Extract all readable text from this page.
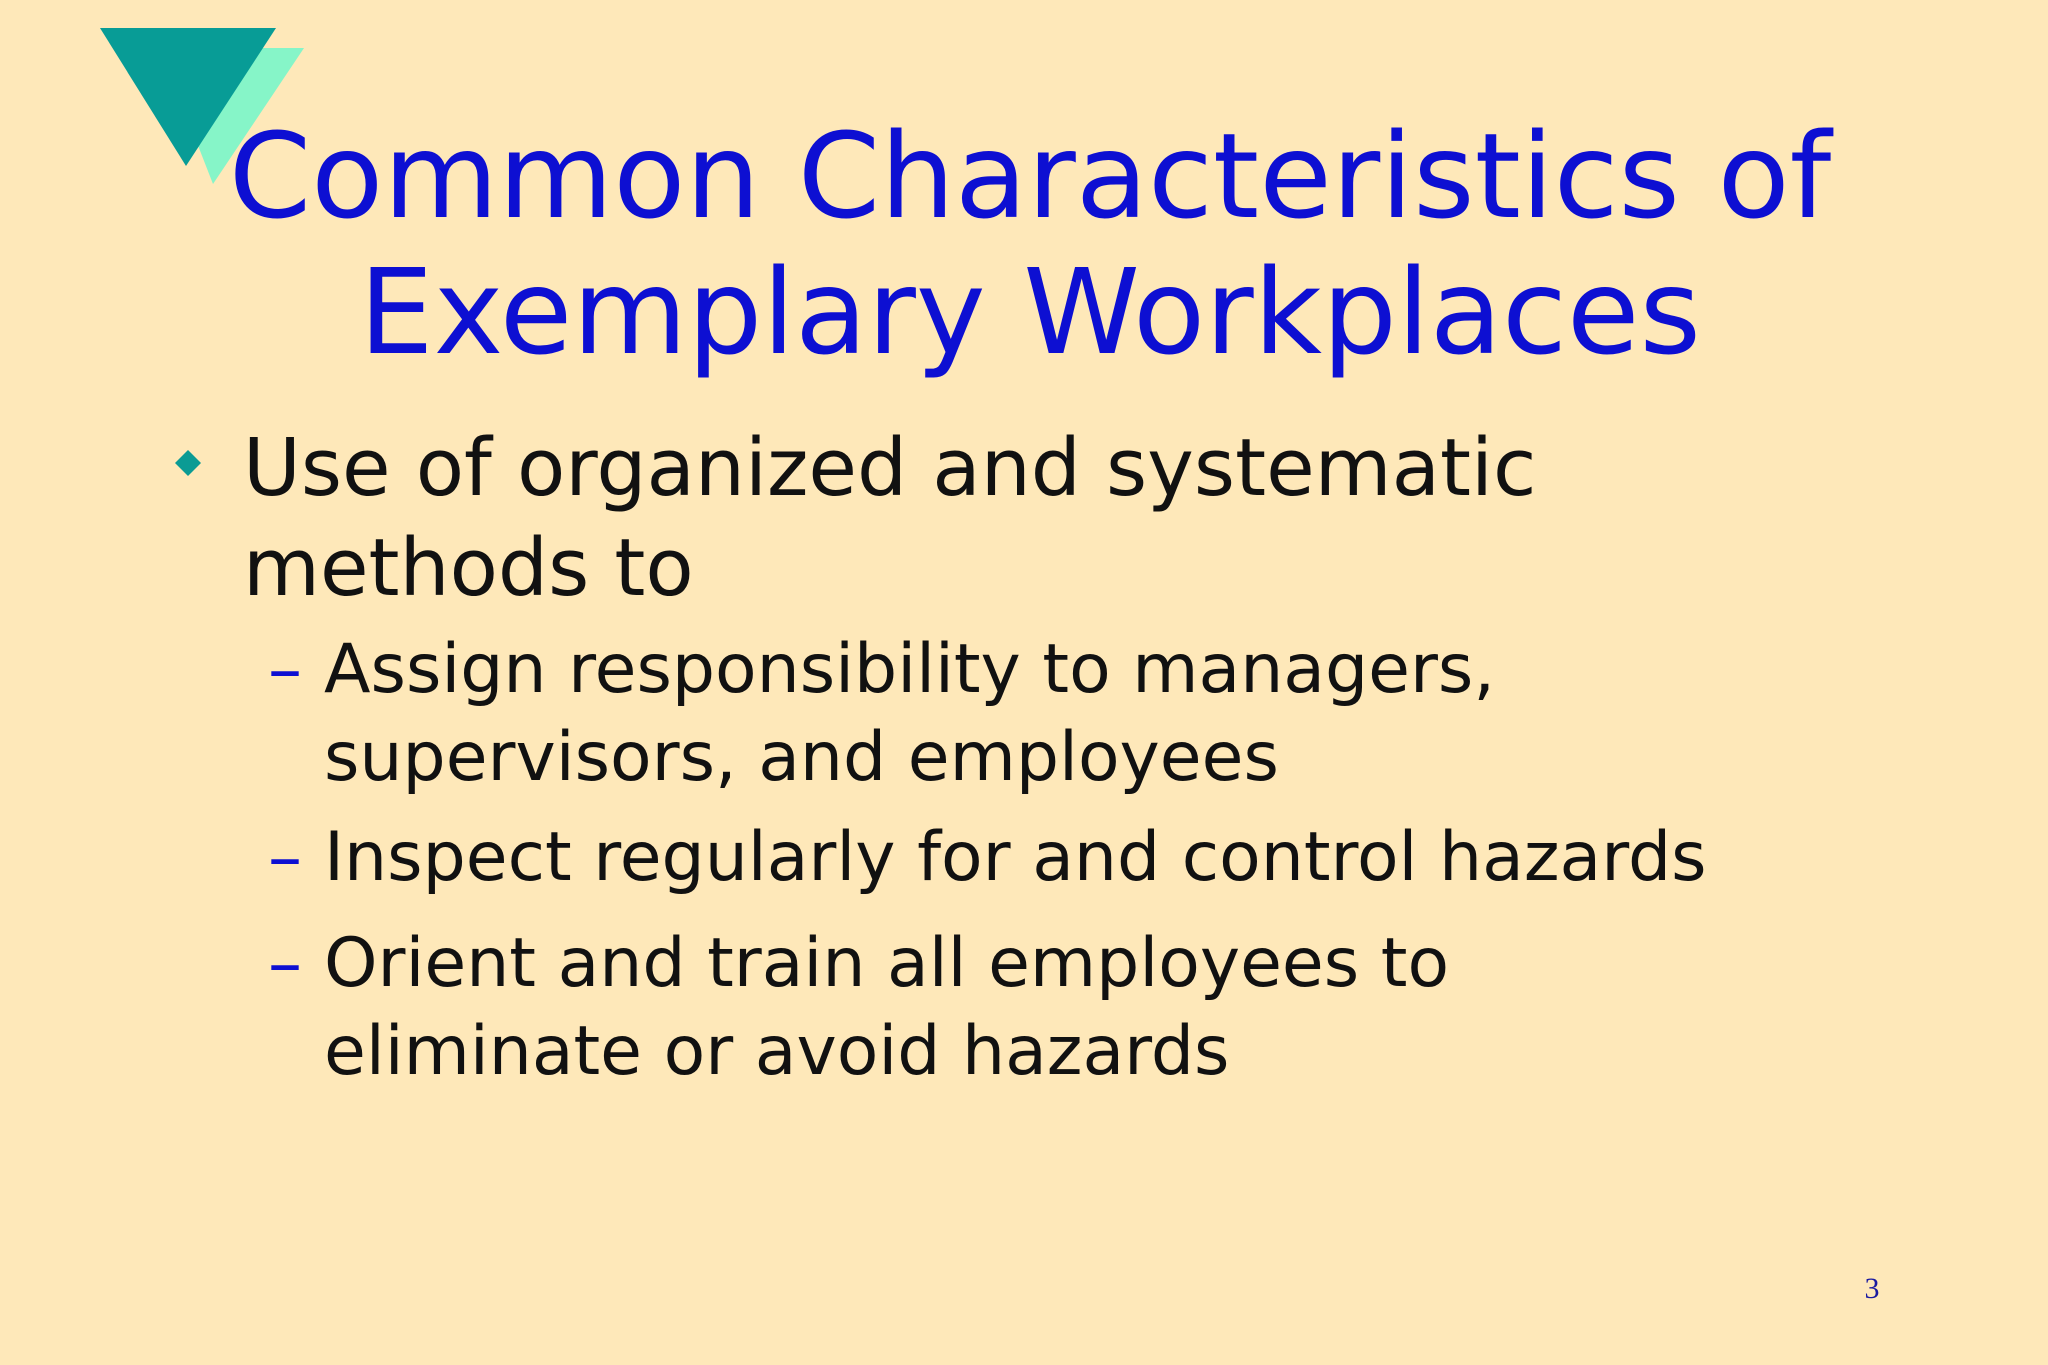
Common Characteristics of
Exemplary Workplaces
Use of organized and systematic
methods to
– Assign responsibility to managers,
supervisors, and employees
– Inspect regularly for and control hazards
– Orient and train all employees to
eliminate or avoid hazards
3
